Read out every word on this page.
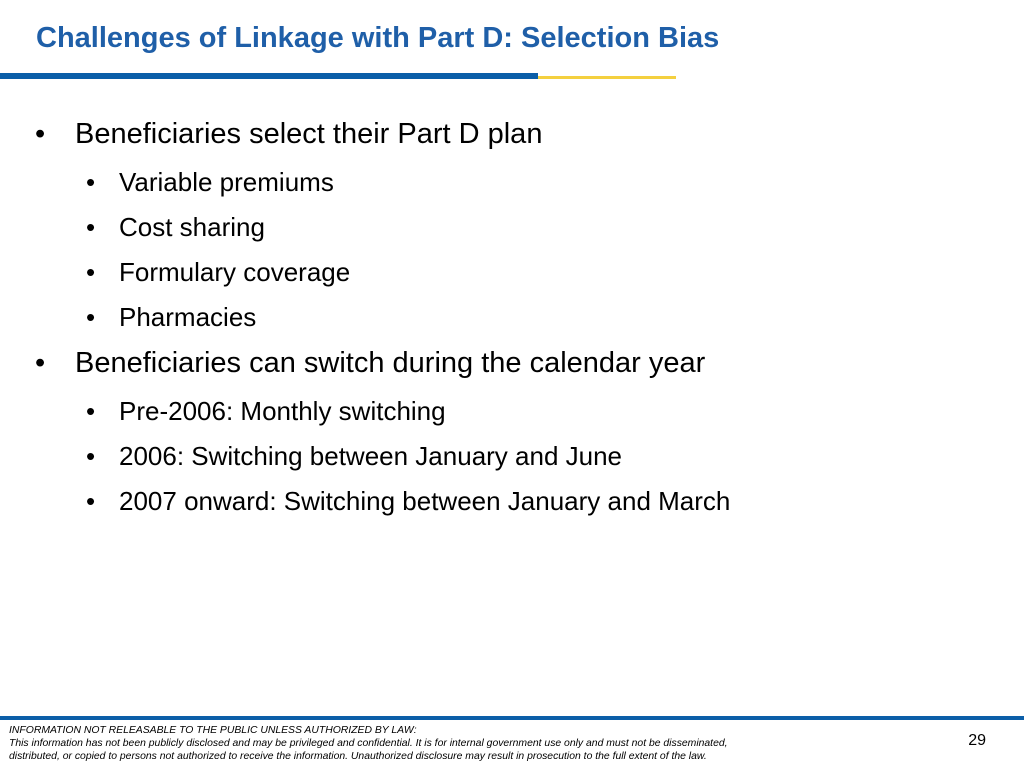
Challenges of Linkage with Part D: Selection Bias
• Beneficiaries select their Part D plan
• Variable premiums
• Cost sharing
• Formulary coverage
• Pharmacies
• Beneficiaries can switch during the calendar year
• Pre-2006: Monthly switching
• 2006: Switching between January and June
• 2007 onward: Switching between January and March
INFORMATION NOT RELEASABLE TO THE PUBLIC UNLESS AUTHORIZED BY LAW:
This information has not been publicly disclosed and may be privileged and confidential. It is for internal government use only and must not be disseminated,
distributed, or copied to persons not authorized to receive the information. Unauthorized disclosure may result in prosecution to the full extent of the law.
29
